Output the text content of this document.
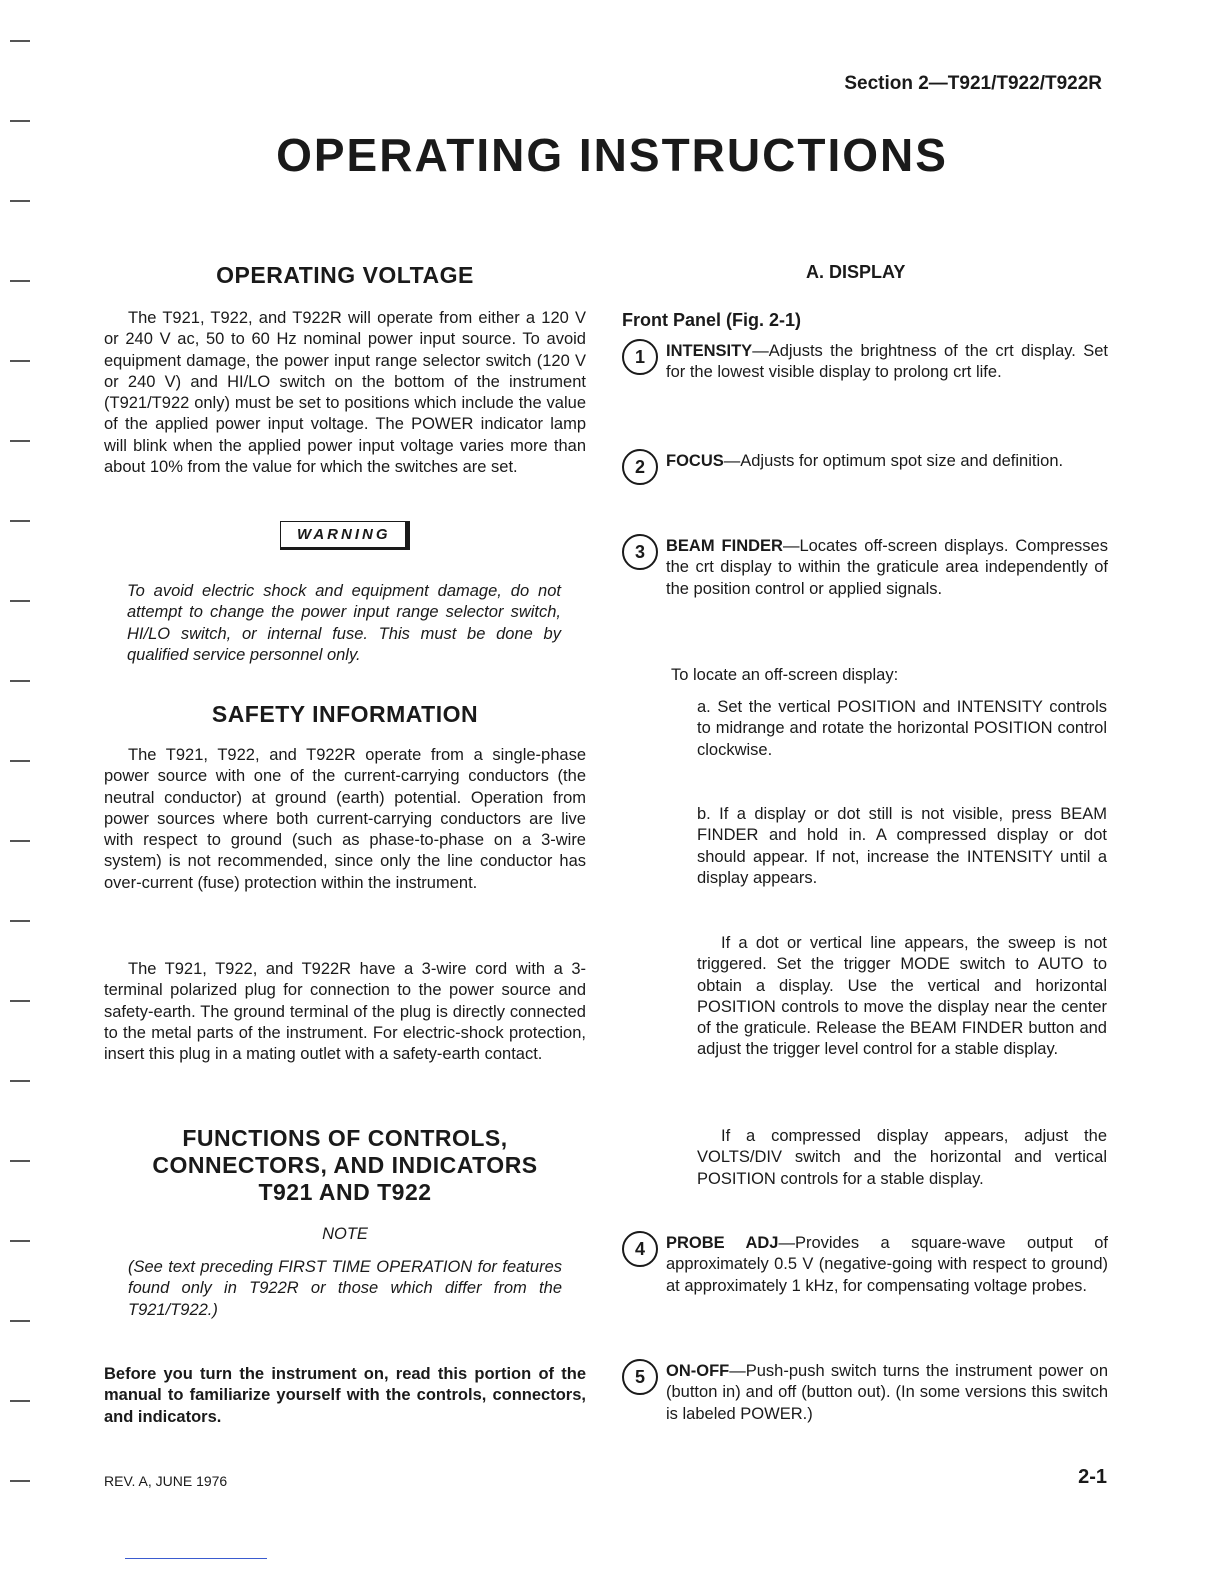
Section 2—T921/T922/T922R
OPERATING INSTRUCTIONS
OPERATING VOLTAGE

The T921, T922, and T922R will operate from either a 120 V or 240 V ac, 50 to 60 Hz nominal power input source. To avoid equipment damage, the power input range selector switch (120 V or 240 V) and HI/LO switch on the bottom of the instrument (T921/T922 only) must be set to positions which include the value of the applied power input voltage. The POWER indicator lamp will blink when the applied power input voltage varies more than about 10% from the value for which the switches are set.

WARNING

To avoid electric shock and equipment damage, do not attempt to change the power input range selector switch, HI/LO switch, or internal fuse. This must be done by qualified service personnel only.

SAFETY INFORMATION

The T921, T922, and T922R operate from a single-phase power source with one of the current-carrying conductors (the neutral conductor) at ground (earth) potential. Operation from power sources where both current-carrying conductors are live with respect to ground (such as phase-to-phase on a 3-wire system) is not recommended, since only the line conductor has over-current (fuse) protection within the instrument.

The T921, T922, and T922R have a 3-wire cord with a 3-terminal polarized plug for connection to the power source and safety-earth. The ground terminal of the plug is directly connected to the metal parts of the instrument. For electric-shock protection, insert this plug in a mating outlet with a safety-earth contact.

FUNCTIONS OF CONTROLS,
CONNECTORS, AND INDICATORS
T921 AND T922
NOTE

(See text preceding FIRST TIME OPERATION for features found only in T922R or those which differ from the T921/T922.)

Before you turn the instrument on, read this portion of the manual to familiarize yourself with the controls, connectors, and indicators.

A. DISPLAY
Front Panel (Fig. 2-1)
1	INTENSITY—Adjusts the brightness of the crt display. Set for the lowest visible display to prolong crt life.

2	FOCUS—Adjusts for optimum spot size and definition.

3	BEAM FINDER—Locates off-screen displays. Compresses the crt display to within the graticule area independently of the position control or applied signals.

To locate an off-screen display:

a. Set the vertical POSITION and INTENSITY controls to midrange and rotate the horizontal POSITION control clockwise.

b. If a display or dot still is not visible, press BEAM FINDER and hold in. A compressed display or dot should appear. If not, increase the INTENSITY until a display appears.

If a dot or vertical line appears, the sweep is not triggered. Set the trigger MODE switch to AUTO to obtain a display. Use the vertical and horizontal POSITION controls to move the display near the center of the graticule. Release the BEAM FINDER button and adjust the trigger level control for a stable display.

If a compressed display appears, adjust the VOLTS/DIV switch and the horizontal and vertical POSITION controls for a stable display.

4	PROBE ADJ—Provides a square-wave output of approximately 0.5 V (negative-going with respect to ground) at approximately 1 kHz, for compensating voltage probes.

5	ON-OFF—Push-push switch turns the instrument power on (button in) and off (button out). (In some versions this switch is labeled POWER.)

REV. A, JUNE 1976	2-1
